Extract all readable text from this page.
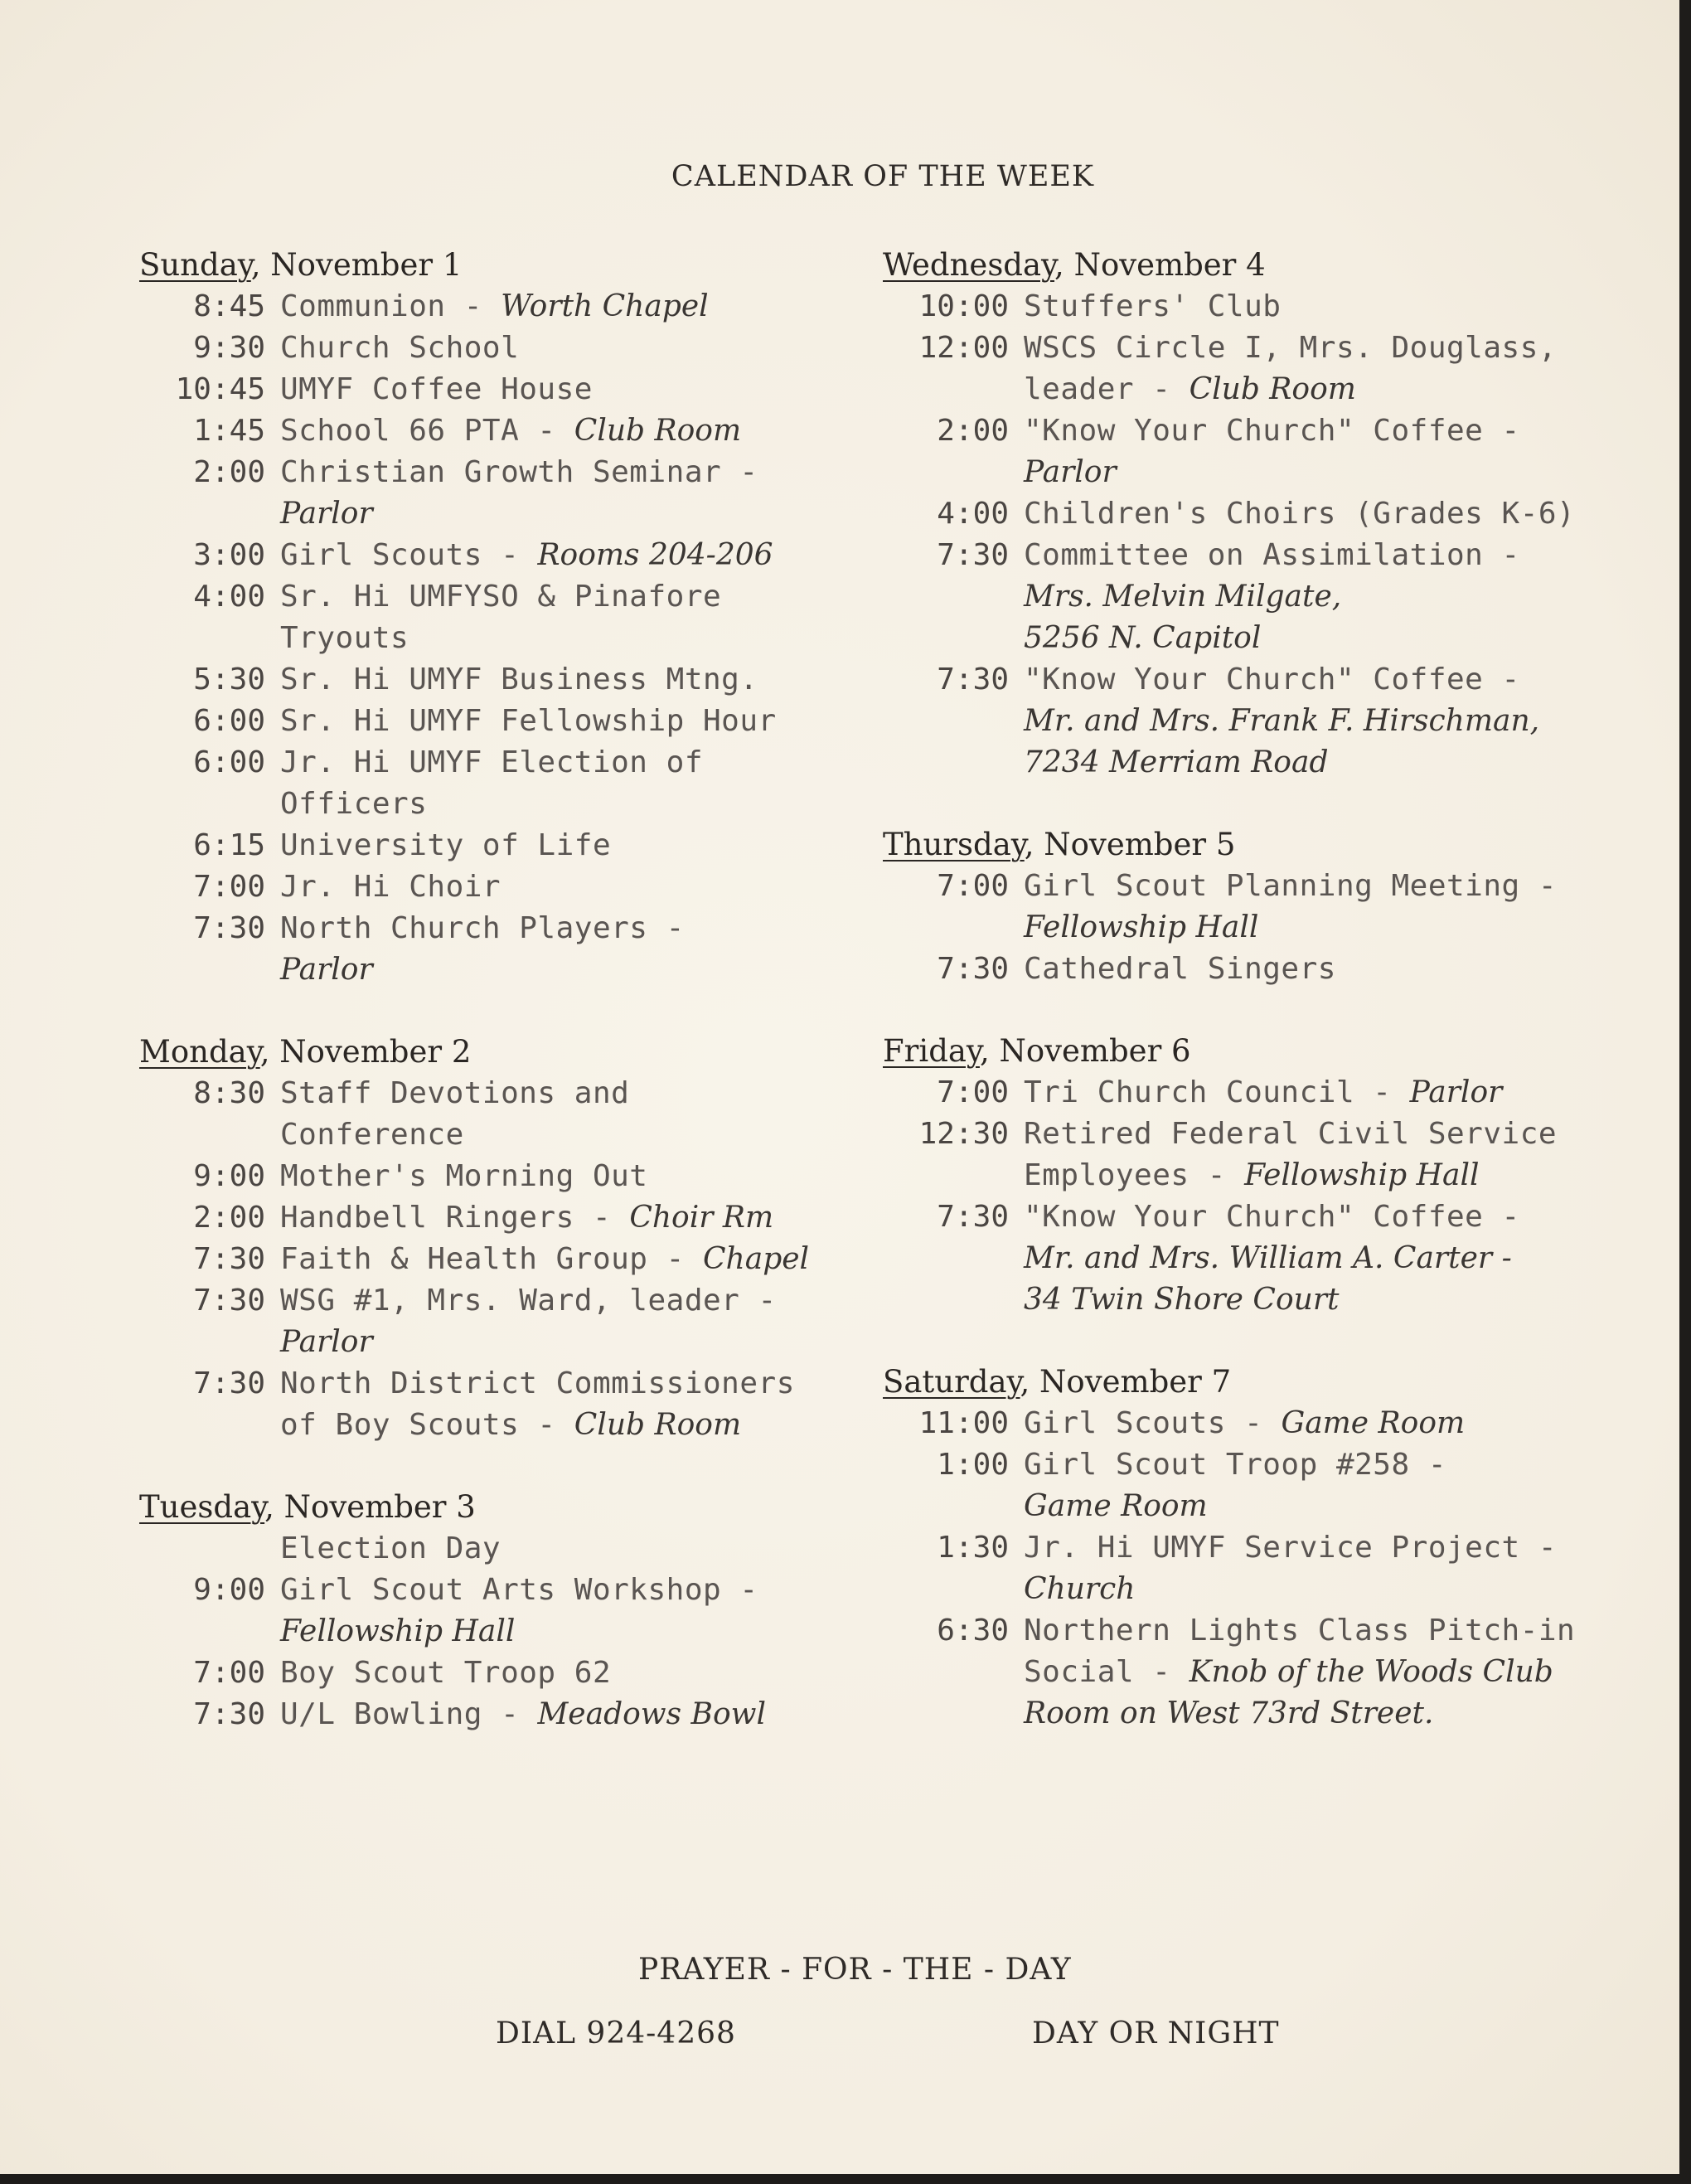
CALENDAR OF THE WEEK
Sunday, November 1
8:45 Communion - Worth Chapel
9:30 Church School
10:45 UMYF Coffee House
1:45 School 66 PTA - Club Room
2:00 Christian Growth Seminar -
Parlor
3:00 Girl Scouts - Rooms 204-206
4:00 Sr. Hi UMFYSO & Pinafore
Tryouts
5:30 Sr. Hi UMYF Business Mtng.
6:00 Sr. Hi UMYF Fellowship Hour
6:00 Jr. Hi UMYF Election of
Officers
6:15 University of Life
7:00 Jr. Hi Choir
7:30 North Church Players -
Parlor
Monday, November 2
8:30 Staff Devotions and
Conference
9:00 Mother's Morning Out
2:00 Handbell Ringers - Choir Rm
7:30 Faith & Health Group - Chapel
7:30 WSG #1, Mrs. Ward, leader -
Parlor
7:30 North District Commissioners
of Boy Scouts - Club Room
Tuesday, November 3
Election Day
9:00 Girl Scout Arts Workshop -
Fellowship Hall
7:00 Boy Scout Troop 62
7:30 U/L Bowling - Meadows Bowl
Wednesday, November 4
10:00 Stuffers' Club
12:00 WSCS Circle I, Mrs. Douglass,
leader - Club Room
2:00 "Know Your Church" Coffee -
Parlor
4:00 Children's Choirs (Grades K-6)
7:30 Committee on Assimilation -
Mrs. Melvin Milgate,
5256 N. Capitol
7:30 "Know Your Church" Coffee -
Mr. and Mrs. Frank F. Hirschman,
7234 Merriam Road
Thursday, November 5
7:00 Girl Scout Planning Meeting -
Fellowship Hall
7:30 Cathedral Singers
Friday, November 6
7:00 Tri Church Council - Parlor
12:30 Retired Federal Civil Service
Employees - Fellowship Hall
7:30 "Know Your Church" Coffee -
Mr. and Mrs. William A. Carter -
34 Twin Shore Court
Saturday, November 7
11:00 Girl Scouts - Game Room
1:00 Girl Scout Troop #258 -
Game Room
1:30 Jr. Hi UMYF Service Project -
Church
6:30 Northern Lights Class Pitch-in
Social - Knob of the Woods Club
Room on West 73rd Street.
PRAYER - FOR - THE - DAY
DIAL 924-4268	DAY OR NIGHT
